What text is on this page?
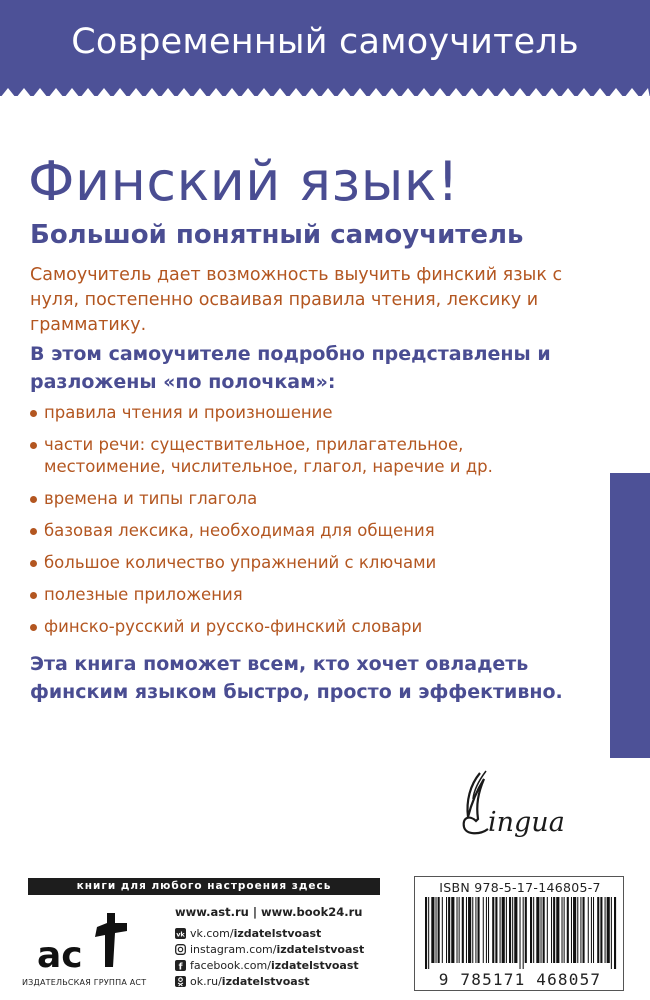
Современный самоучитель
Финский язык!
Большой понятный самоучитель
Самоучитель дает возможность выучить финский язык с нуля, постепенно осваивая правила чтения, лексику и грамматику.
В этом самоучителе подробно представлены и разложены «по полочкам»:
правила чтения и произношение
части речи: существительное, прилагательное, местоимение, числительное, глагол, наречие и др.
времена и типы глагола
базовая лексика, необходимая для общения
большое количество упражнений с ключами
полезные приложения
финско-русский и русско-финский словари
Эта книга поможет всем, кто хочет овладеть финским языком быстро, просто и эффективно.
ingua
книги для любого настроения здесь
ac
ИЗДАТЕЛЬСКАЯ ГРУППА АСТ
www.ast.ru | www.book24.ru
vk vk.com/ izdatelstvoast
instagram.com/ izdatelstvoast
f facebook.com/ izdatelstvoast
ok.ru/ izdatelstvoast
ISBN 978-5-17-146805-7
9 785171 468057
